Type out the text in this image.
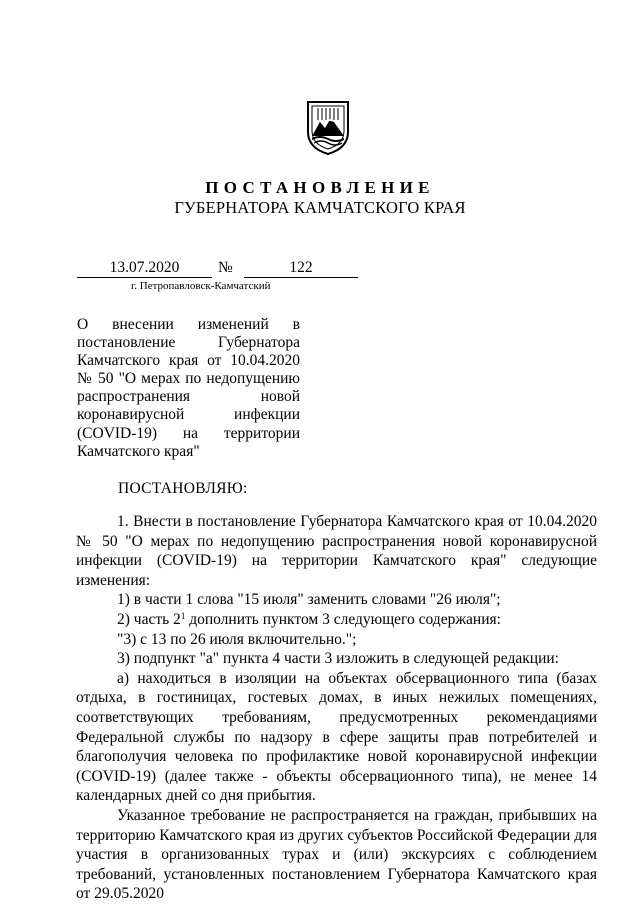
ПОСТАНОВЛЕНИЕ
ГУБЕРНАТОРА КАМЧАТСКОГО КРАЯ
13.07.2020	№	122
г. Петропавловск-Камчатский
О внесении изменений в постановление Губернатора Камчатского края от 10.04.2020 № 50 "О мерах по недопущению распространения новой коронавирусной инфекции (COVID-19) на территории Камчатского края"
ПОСТАНОВЛЯЮ:

1. Внести в постановление Губернатора Камчатского края от 10.04.2020 № 50 "О мерах по недопущению распространения новой коронавирусной инфекции (COVID-19) на территории Камчатского края" следующие изменения:

1) в части 1 слова "15 июля" заменить словами "26 июля";

2) часть $2^1$ дополнить пунктом 3 следующего содержания:

"3) с 13 по 26 июля включительно.";

3) подпункт "а" пункта 4 части 3 изложить в следующей редакции:

а) находиться в изоляции на объектах обсервационного типа (базах отдыха, в гостиницах, гостевых домах, в иных нежилых помещениях, соответствующих требованиям, предусмотренных рекомендациями Федеральной службы по надзору в сфере защиты прав потребителей и благополучия человека по профилактике новой коронавирусной инфекции (COVID-19) (далее также - объекты обсервационного типа), не менее 14 календарных дней со дня прибытия.

Указанное требование не распространяется на граждан, прибывших на территорию Камчатского края из других субъектов Российской Федерации для участия в организованных турах и (или) экскурсиях с соблюдением требований, установленных постановлением Губернатора Камчатского края от 29.05.2020
